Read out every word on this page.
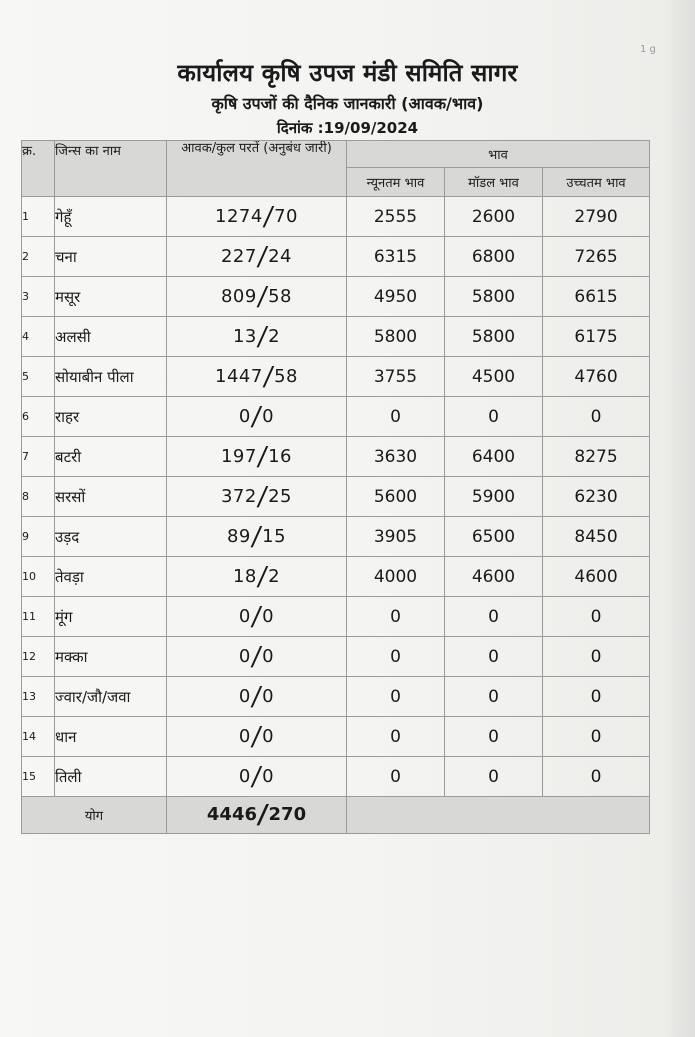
1 g
कार्यालय कृषि उपज मंडी समिति सागर
कृषि उपजों की दैनिक जानकारी (आवक/भाव)
दिनांक :19/09/2024
क्र.	जिन्स का नाम	आवक/कुल परतें (अनुबंध जारी)	भाव		
			न्यूनतम भाव	मॉडल भाव	उच्चतम भाव
1	गेहूँ	1274/70	2555	2600	2790
2	चना	227/24	6315	6800	7265
3	मसूर	809/58	4950	5800	6615
4	अलसी	13/2	5800	5800	6175
5	सोयाबीन पीला	1447/58	3755	4500	4760
6	राहर	0/0	0	0	0
7	बटरी	197/16	3630	6400	8275
8	सरसों	372/25	5600	5900	6230
9	उड़द	89/15	3905	6500	8450
10	तेवड़ा	18/2	4000	4600	4600
11	मूंग	0/0	0	0	0
12	मक्का	0/0	0	0	0
13	ज्वार/जौ/जवा	0/0	0	0	0
14	धान	0/0	0	0	0
15	तिली	0/0	0	0	0
योग		4446/270			
